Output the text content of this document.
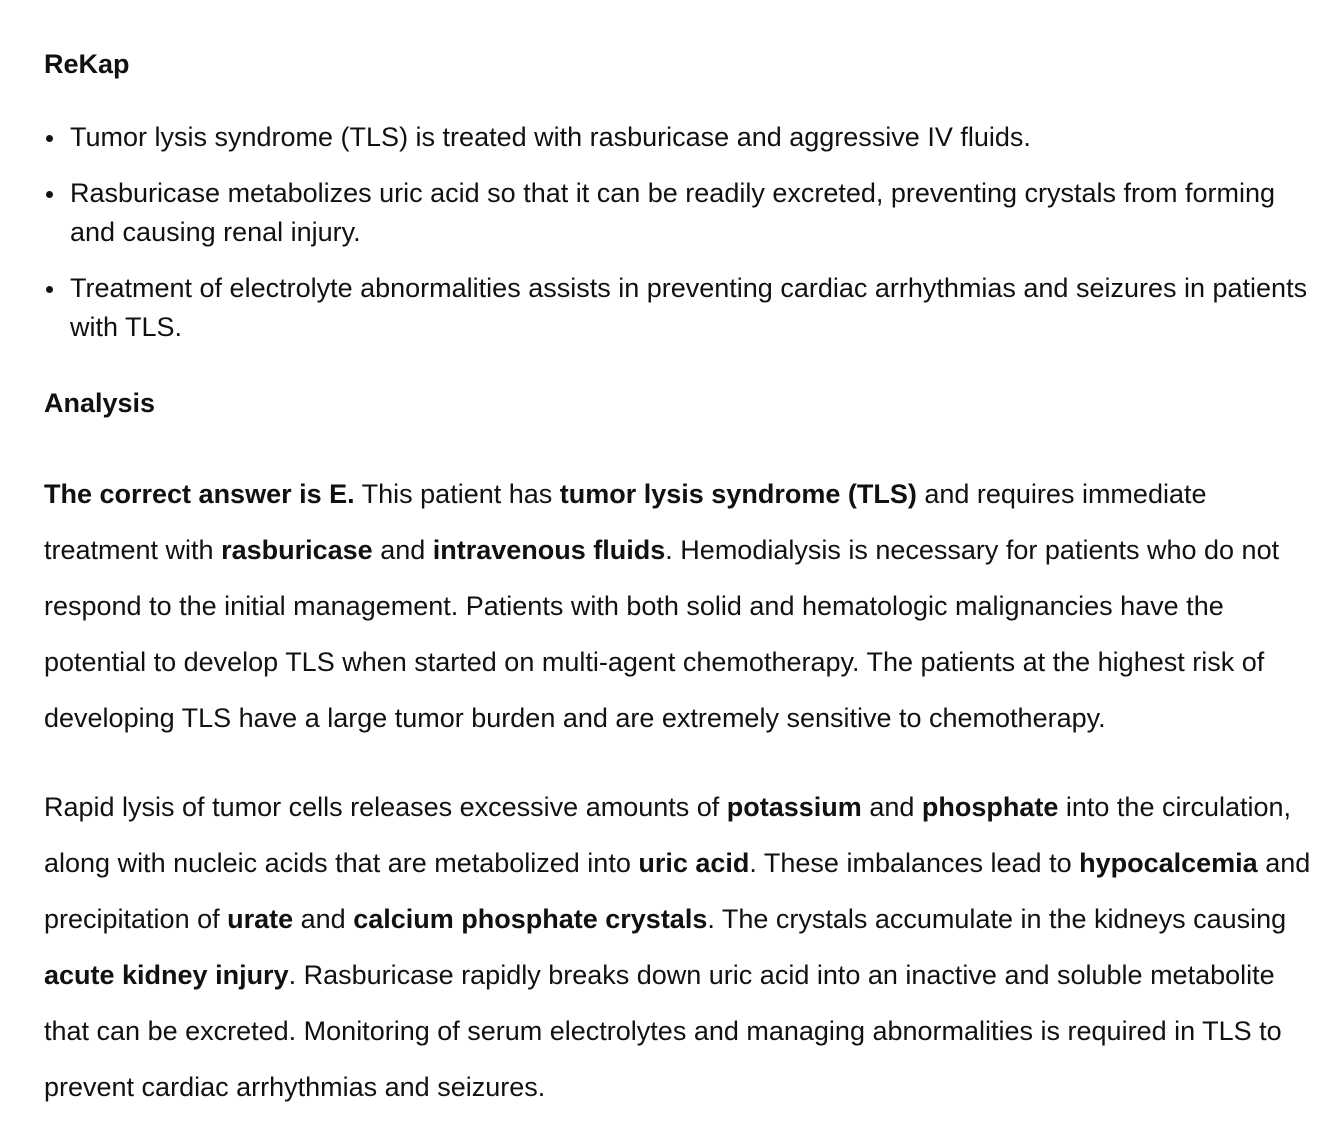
ReKap
Tumor lysis syndrome (TLS) is treated with rasburicase and aggressive IV fluids.
Rasburicase metabolizes uric acid so that it can be readily excreted, preventing crystals from forming and causing renal injury.
Treatment of electrolyte abnormalities assists in preventing cardiac arrhythmias and seizures in patients with TLS.
Analysis

The correct answer is E. This patient has tumor lysis syndrome (TLS) and requires immediate treatment with rasburicase and intravenous fluids. Hemodialysis is necessary for patients who do not respond to the initial management. Patients with both solid and hematologic malignancies have the potential to develop TLS when started on multi-agent chemotherapy. The patients at the highest risk of developing TLS have a large tumor burden and are extremely sensitive to chemotherapy.

Rapid lysis of tumor cells releases excessive amounts of potassium and phosphate into the circulation, along with nucleic acids that are metabolized into uric acid. These imbalances lead to hypocalcemia and precipitation of urate and calcium phosphate crystals. The crystals accumulate in the kidneys causing acute kidney injury. Rasburicase rapidly breaks down uric acid into an inactive and soluble metabolite that can be excreted. Monitoring of serum electrolytes and managing abnormalities is required in TLS to prevent cardiac arrhythmias and seizures.
